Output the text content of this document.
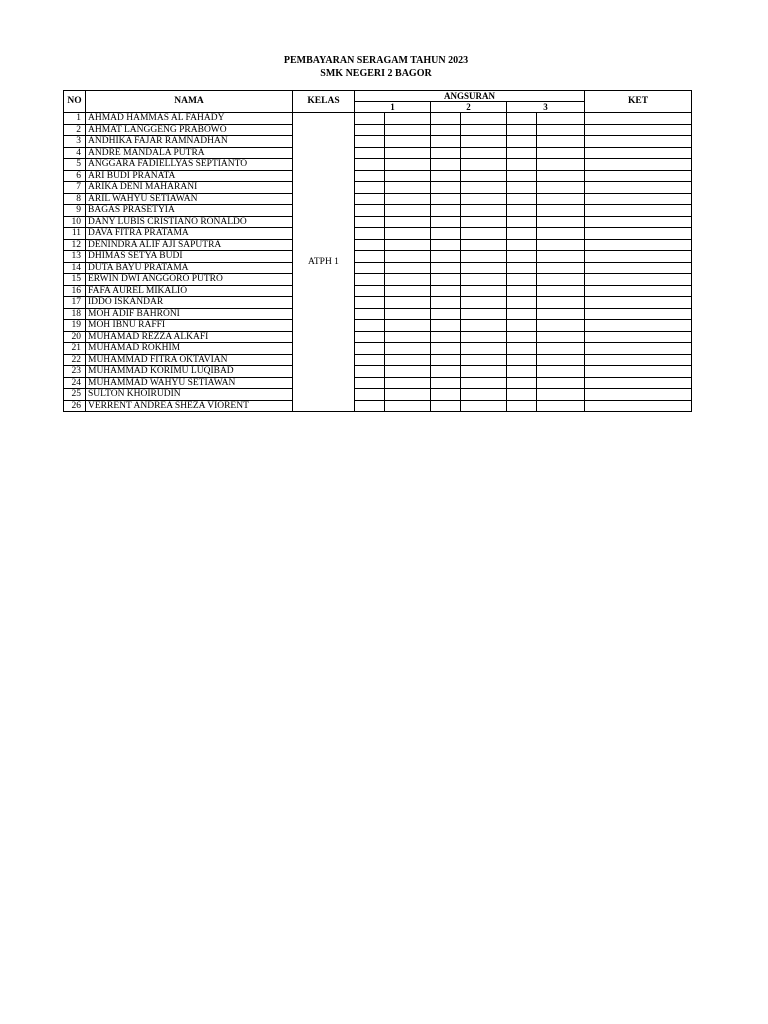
PEMBAYARAN SERAGAM TAHUN 2023
SMK NEGERI 2 BAGOR
NO	NAMA	KELAS	ANGSURAN						KET
			1		2		3		
1	AHMAD HAMMAS AL FAHADY	ATPH 1							
2	AHMAT LANGGENG PRABOWO								
3	ANDHIKA FAJAR RAMNADHAN								
4	ANDRE MANDALA PUTRA								
5	ANGGARA FADIELLYAS SEPTIANTO								
6	ARI BUDI PRANATA								
7	ARIKA DENI MAHARANI								
8	ARIL WAHYU SETIAWAN								
9	BAGAS PRASETYIA								
10	DANY LUBIS CRISTIANO RONALDO								
11	DAVA FITRA PRATAMA								
12	DENINDRA ALIF AJI SAPUTRA								
13	DHIMAS SETYA BUDI								
14	DUTA BAYU PRATAMA								
15	ERWIN DWI ANGGORO PUTRO								
16	FAFA AUREL MIKALIO								
17	IDDO ISKANDAR								
18	MOH ADIF BAHRONI								
19	MOH IBNU RAFFI								
20	MUHAMAD REZZA ALKAFI								
21	MUHAMAD ROKHIM								
22	MUHAMMAD FITRA OKTAVIAN								
23	MUHAMMAD KORIMU LUQIBAD								
24	MUHAMMAD WAHYU SETIAWAN								
25	SULTON KHOIRUDIN								
26	VERRENT ANDREA SHEZA VIORENT								
